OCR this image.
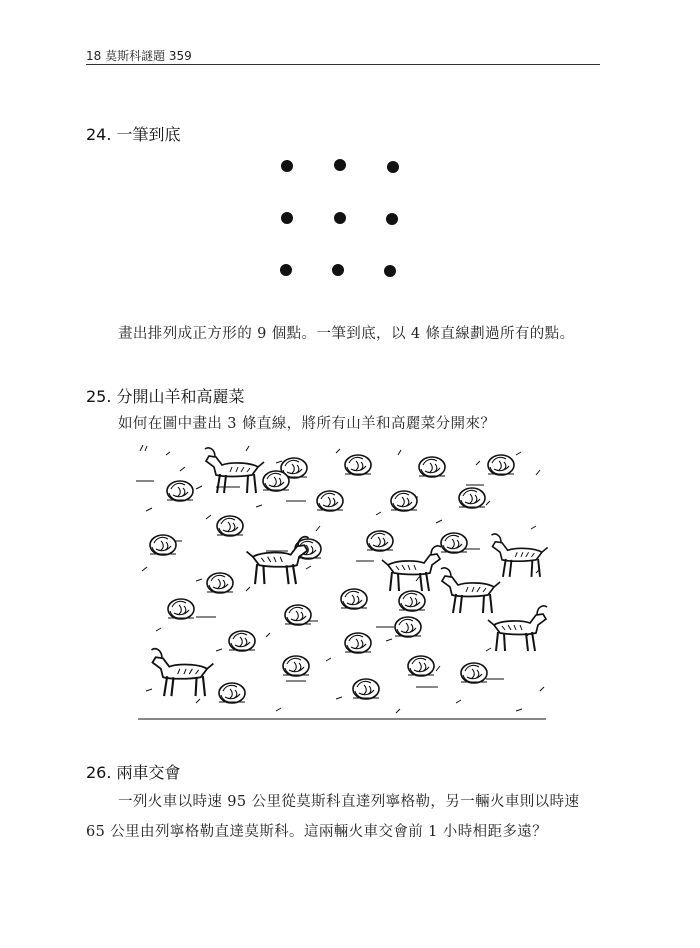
18 莫斯科謎題 359
24. 一筆到底
畫出排列成正方形的 9 個點。一筆到底，以 4 條直線劃過所有的點。
25. 分開山羊和高麗菜
如何在圖中畫出 3 條直線，將所有山羊和高麗菜分開來？
26. 兩車交會
一列火車以時速 95 公里從莫斯科直達列寧格勒，另一輛火車則以時速
65 公里由列寧格勒直達莫斯科。這兩輛火車交會前 1 小時相距多遠？
